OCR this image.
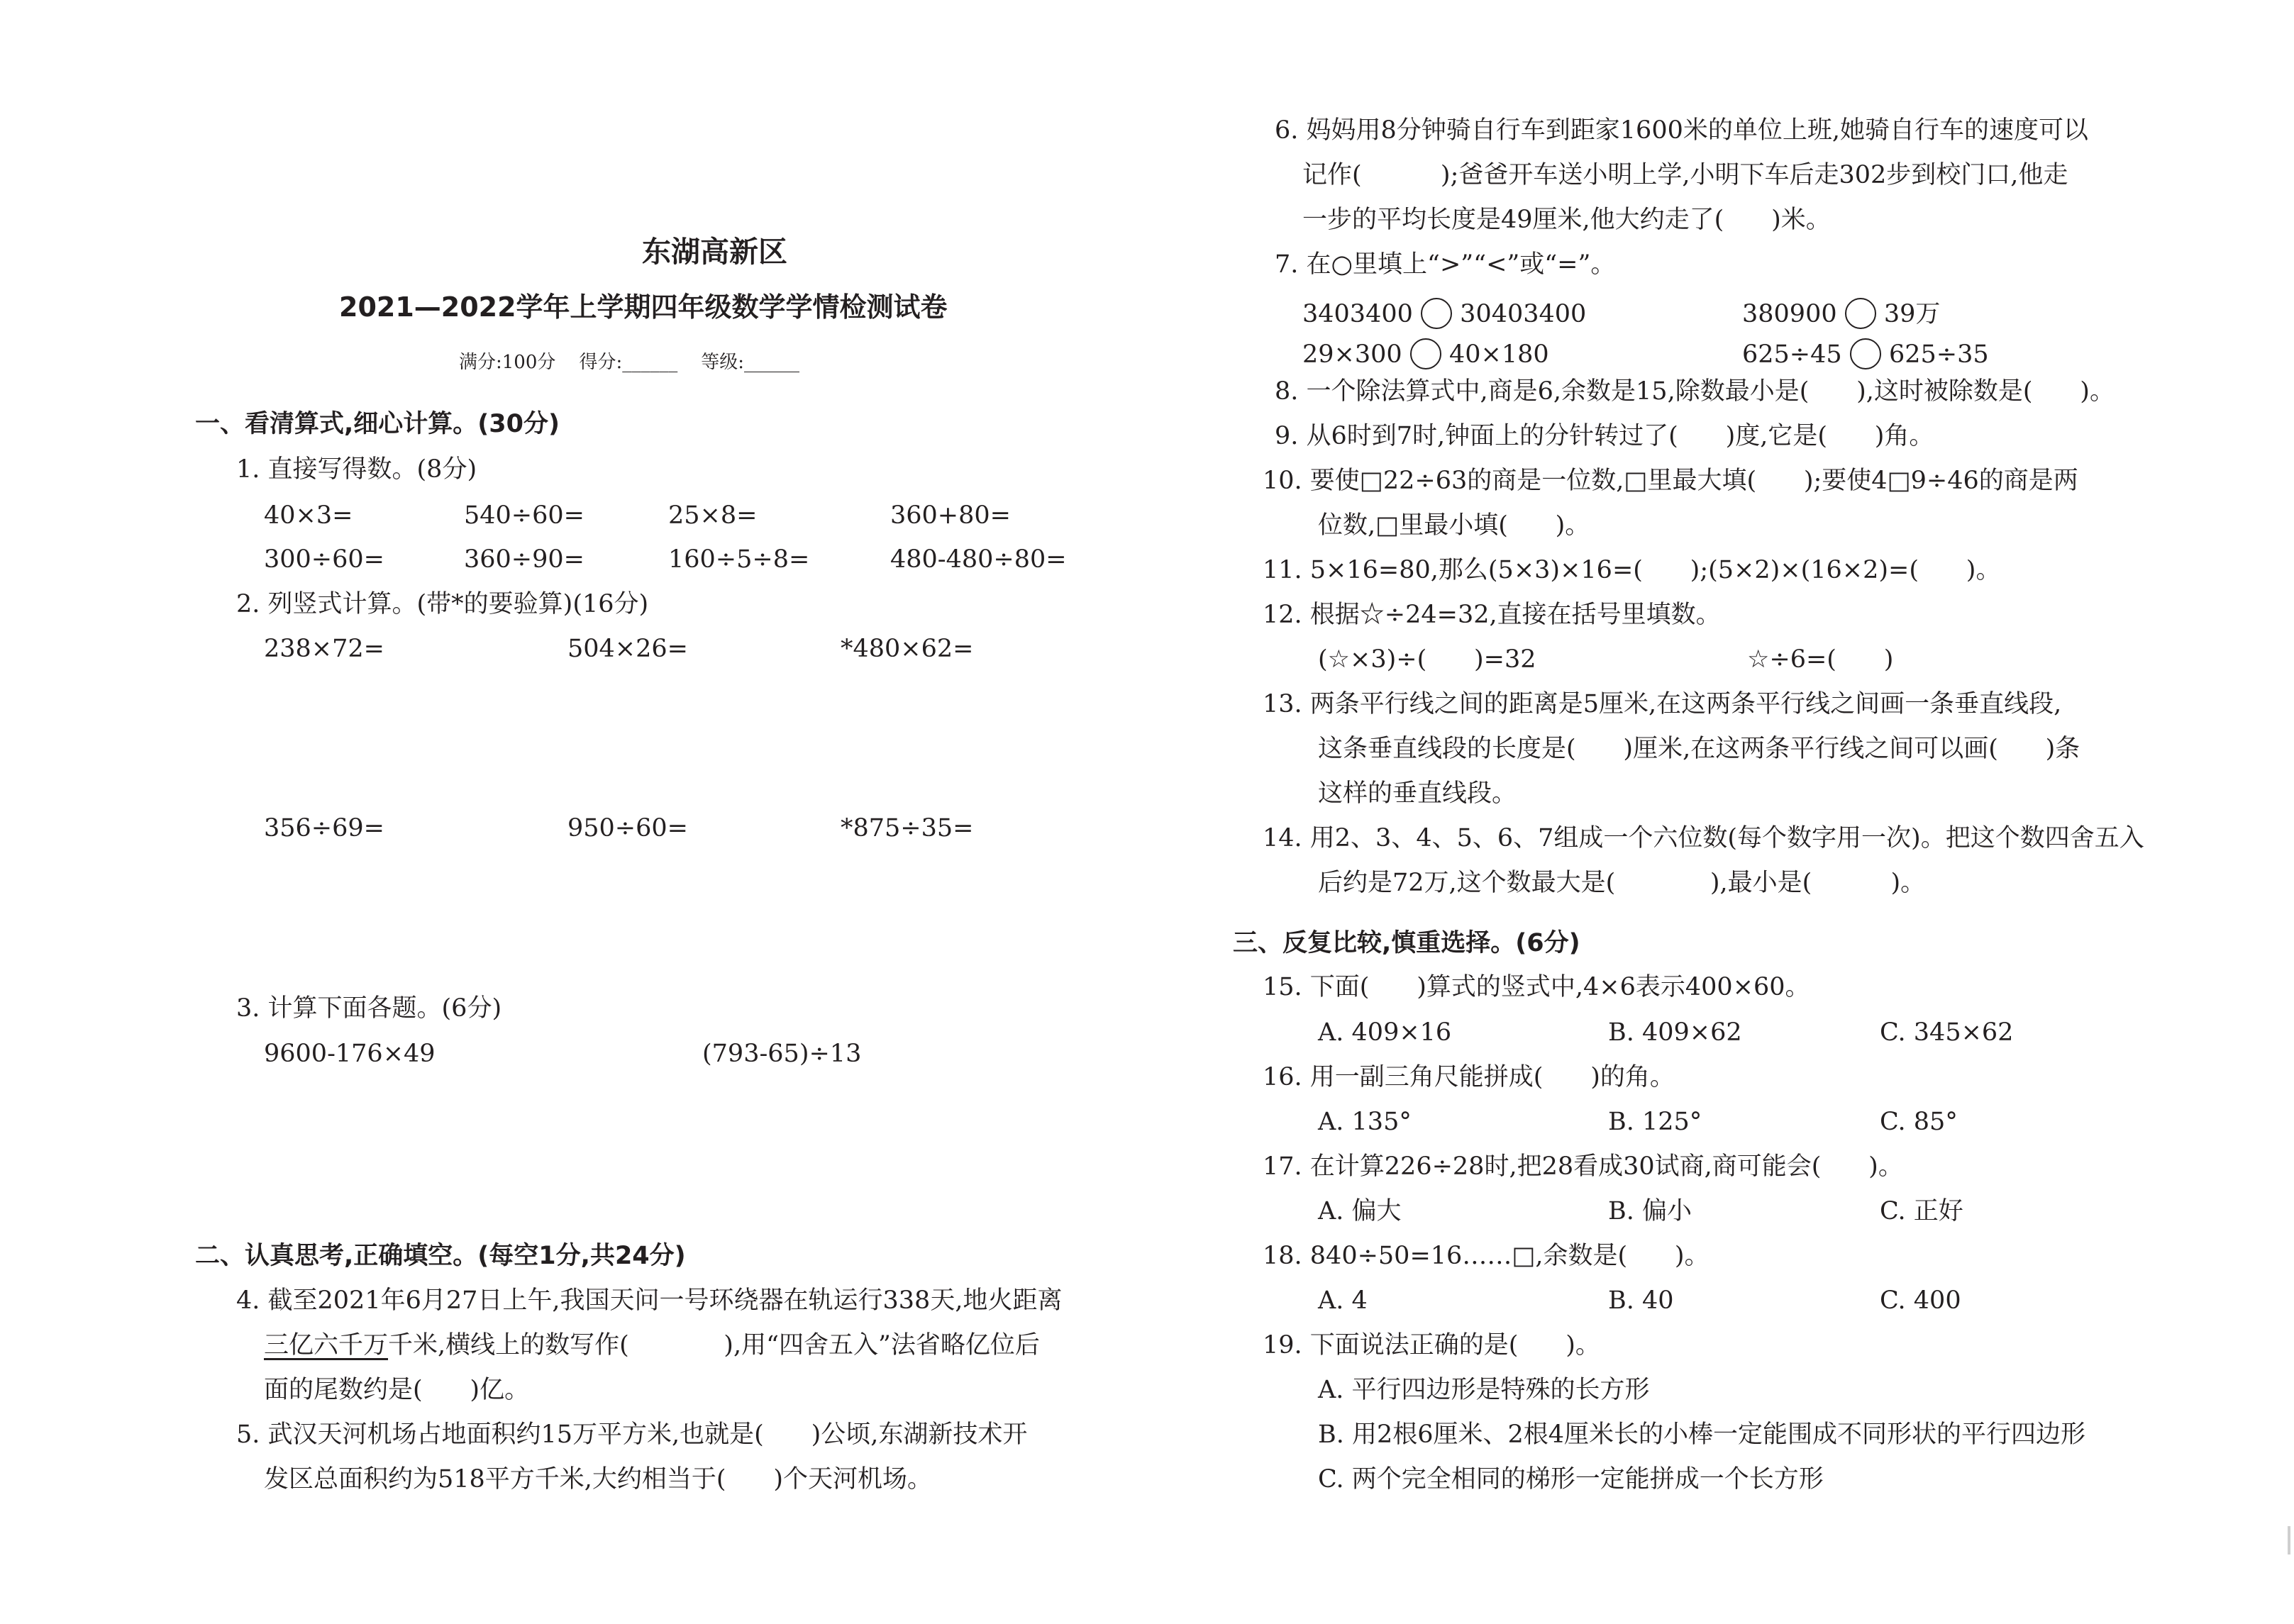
东湖高新区
2021—2022学年上学期四年级数学学情检测试卷
满分:100分    得分:______    等级:______
一、看清算式,细心计算。(30分)
1. 直接写得数。(8分)
40×3=	540÷60=	25×8=	360+80=
300÷60=	360÷90=	160÷5÷8=	480-480÷80=
2. 列竖式计算。(带*的要验算)(16分)
238×72=	504×26=	*480×62=
356÷69=	950÷60=	*875÷35=
3. 计算下面各题。(6分)
9600-176×49	(793-65)÷13
二、认真思考,正确填空。(每空1分,共24分)
4. 截至2021年6月27日上午,我国天问一号环绕器在轨运行338天,地火距离
三亿六千万千米,横线上的数写作(            ),用“四舍五入”法省略亿位后
面的尾数约是(      )亿。
5. 武汉天河机场占地面积约15万平方米,也就是(      )公顷,东湖新技术开
发区总面积约为518平方千米,大约相当于(      )个天河机场。
6. 妈妈用8分钟骑自行车到距家1600米的单位上班,她骑自行车的速度可以
记作(          );爸爸开车送小明上学,小明下车后走302步到校门口,他走
一步的平均长度是49厘米,他大约走了(      )米。
7. 在○里填上“>”“<”或“=”。
3403400 30403400	380900 39万
29×300 40×180	625÷45 625÷35
8. 一个除法算式中,商是6,余数是15,除数最小是(      ),这时被除数是(      )。
9. 从6时到7时,钟面上的分针转过了(      )度,它是(      )角。
10. 要使□22÷63的商是一位数,□里最大填(      );要使4□9÷46的商是两
位数,□里最小填(      )。
11. 5×16=80,那么(5×3)×16=(      );(5×2)×(16×2)=(      )。
12. 根据☆÷24=32,直接在括号里填数。
(☆×3)÷(      )=32	☆÷6=(      )
13. 两条平行线之间的距离是5厘米,在这两条平行线之间画一条垂直线段,
这条垂直线段的长度是(      )厘米,在这两条平行线之间可以画(      )条
这样的垂直线段。
14. 用2、3、4、5、6、7组成一个六位数(每个数字用一次)。把这个数四舍五入
后约是72万,这个数最大是(            ),最小是(          )。
三、反复比较,慎重选择。(6分)
15. 下面(      )算式的竖式中,4×6表示400×60。
A. 409×16	B. 409×62	C. 345×62
16. 用一副三角尺能拼成(      )的角。
A. 135°	B. 125°	C. 85°
17. 在计算226÷28时,把28看成30试商,商可能会(      )。
A. 偏大	B. 偏小	C. 正好
18. 840÷50=16……□,余数是(      )。
A. 4	B. 40	C. 400
19. 下面说法正确的是(      )。
A. 平行四边形是特殊的长方形
B. 用2根6厘米、2根4厘米长的小棒一定能围成不同形状的平行四边形
C. 两个完全相同的梯形一定能拼成一个长方形
